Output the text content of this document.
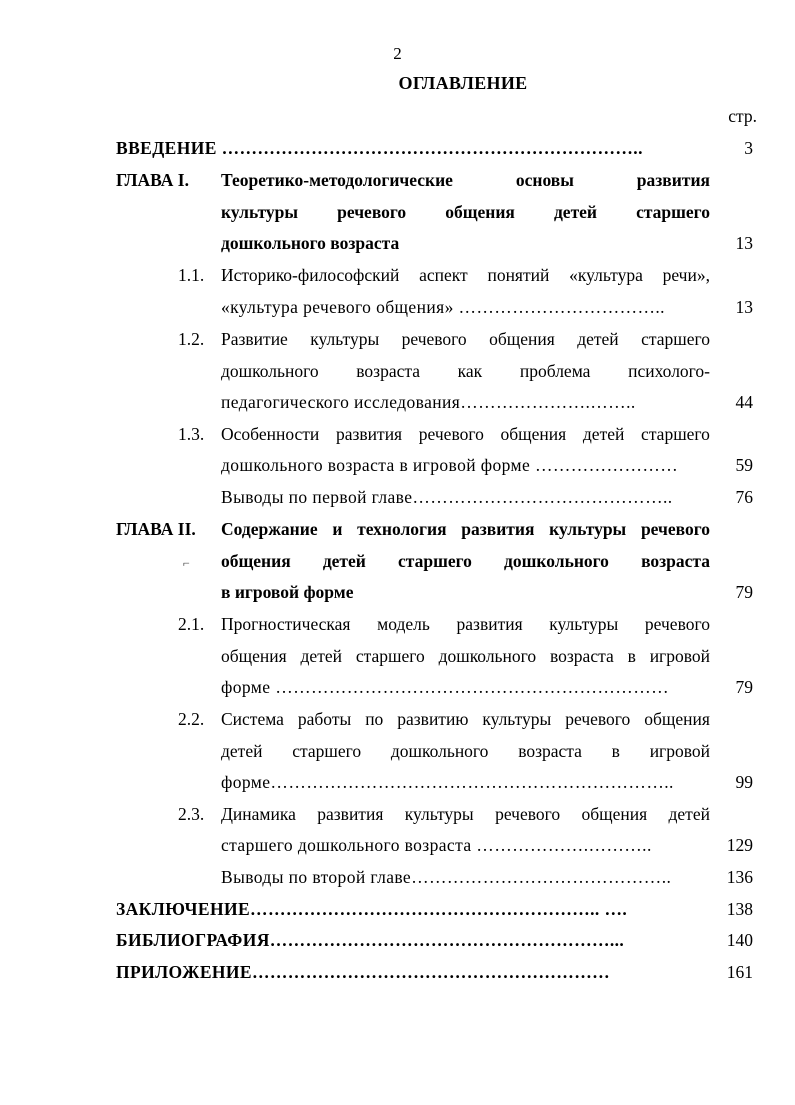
2
ОГЛАВЛЕНИЕ
стр.
ВВЕДЕНИЕ ……………………………………………………………..	3
ГЛАВА I. Теоретико-методологические	основы	развития
культуры речевого общения детей старшего
дошкольного возраста	13
1.1. Историко-философский аспект понятий «культура речи»,
«культура речевого общения» ……………………………..	13
1.2. Развитие культуры речевого общения детей старшего
дошкольного возраста как проблема психолого-
педагогического исследования………………….……..	44
1.3. Особенности развития речевого общения детей старшего
дошкольного возраста в игровой форме ……………………	59
Выводы по первой главе……………………………………..	76
ГЛАВА II. Содержание и технология развития культуры речевого
⌐ общения детей старшего дошкольного возраста
в игровой форме	79
2.1. Прогностическая модель развития культуры речевого
общения детей старшего дошкольного возраста в игровой
форме …………………………………………………………	79
2.2. Система работы по развитию культуры речевого общения
детей старшего дошкольного возраста в игровой
форме…………………………………………………………..	99
2.3. Динамика развития культуры речевого общения детей
старшего дошкольного возраста ……………….………..	129
Выводы по второй главе……………………………………..	136
ЗАКЛЮЧЕНИЕ………………………………………………….. ….	138
БИБЛИОГРАФИЯ…………………………………………………...	140
ПРИЛОЖЕНИЕ……………………………………………………	161
